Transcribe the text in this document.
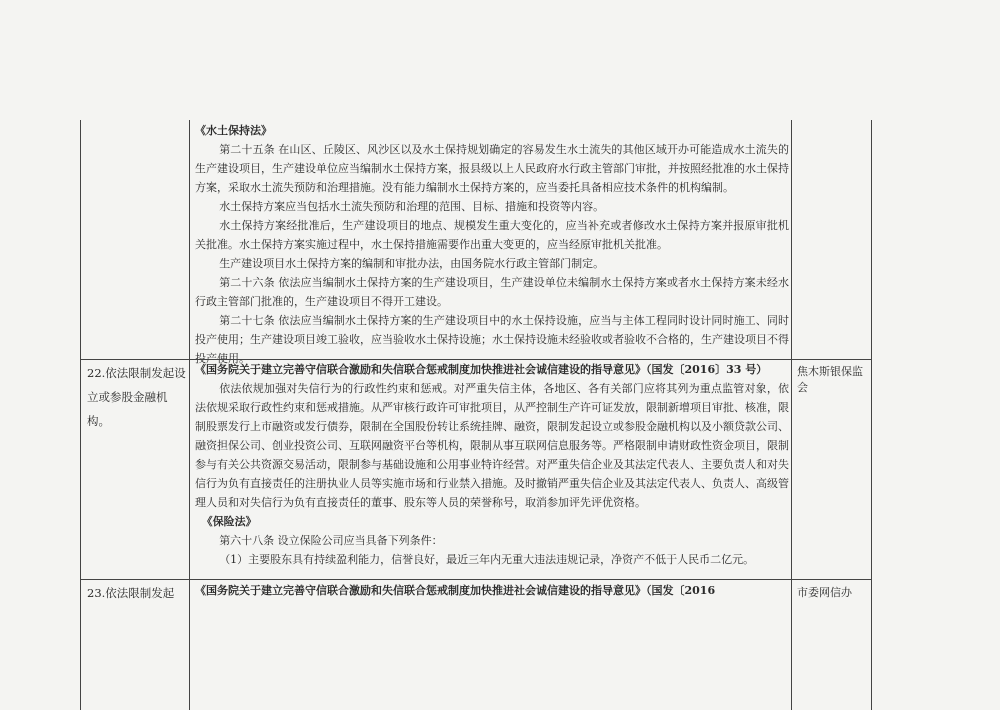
《水土保持法》

第二十五条 在山区、丘陵区、风沙区以及水土保持规划确定的容易发生水土流失的其他区域开办可能造成水土流失的生产建设项目，生产建设单位应当编制水土保持方案，报县级以上人民政府水行政主管部门审批，并按照经批准的水土保持方案，采取水土流失预防和治理措施。没有能力编制水土保持方案的，应当委托具备相应技术条件的机构编制。

水土保持方案应当包括水土流失预防和治理的范围、目标、措施和投资等内容。

水土保持方案经批准后，生产建设项目的地点、规模发生重大变化的，应当补充或者修改水土保持方案并报原审批机关批准。水土保持方案实施过程中，水土保持措施需要作出重大变更的，应当经原审批机关批准。

生产建设项目水土保持方案的编制和审批办法，由国务院水行政主管部门制定。

第二十六条 依法应当编制水土保持方案的生产建设项目，生产建设单位未编制水土保持方案或者水土保持方案未经水行政主管部门批准的，生产建设项目不得开工建设。

第二十七条 依法应当编制水土保持方案的生产建设项目中的水土保持设施，应当与主体工程同时设计同时施工、同时投产使用；生产建设项目竣工验收，应当验收水土保持设施；水土保持设施未经验收或者验收不合格的，生产建设项目不得投产使用。

22.依法限制发起设立或参股金融机构。

《国务院关于建立完善守信联合激励和失信联合惩戒制度加快推进社会诚信建设的指导意见》（国发〔2016〕33 号）

依法依规加强对失信行为的行政性约束和惩戒。对严重失信主体，各地区、各有关部门应将其列为重点监管对象，依法依规采取行政性约束和惩戒措施。从严审核行政许可审批项目，从严控制生产许可证发放，限制新增项目审批、核准，限制股票发行上市融资或发行债券，限制在全国股份转让系统挂牌、融资，限制发起设立或参股金融机构以及小额贷款公司、融资担保公司、创业投资公司、互联网融资平台等机构，限制从事互联网信息服务等。严格限制申请财政性资金项目，限制参与有关公共资源交易活动，限制参与基础设施和公用事业特许经营。对严重失信企业及其法定代表人、主要负责人和对失信行为负有直接责任的注册执业人员等实施市场和行业禁入措施。及时撤销严重失信企业及其法定代表人、负责人、高级管理人员和对失信行为负有直接责任的董事、股东等人员的荣誉称号，取消参加评先评优资格。

《保险法》

第六十八条 设立保险公司应当具备下列条件：

（1）主要股东具有持续盈利能力，信誉良好，最近三年内无重大违法违规记录，净资产不低于人民币二亿元。

焦木斯银保监会
23.依法限制发起	《国务院关于建立完善守信联合激励和失信联合惩戒制度加快推进社会诚信建设的指导意见》（国发〔2016	市委网信办
